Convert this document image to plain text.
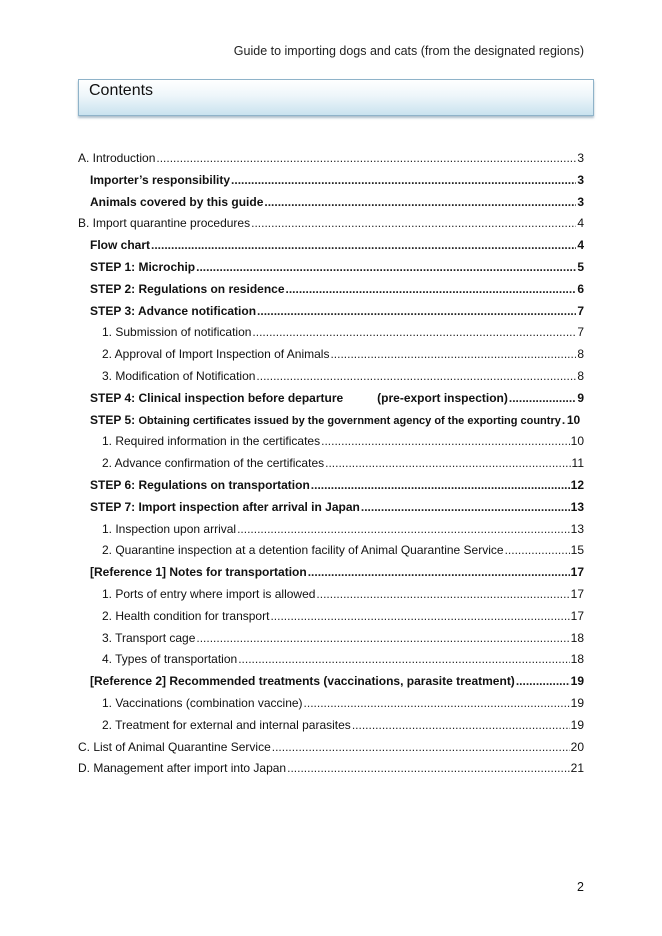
Guide to importing dogs and cats (from the designated regions)
Contents
A. Introduction .....	3
Importer’s responsibility .....	3
Animals covered by this guide .....	3
B. Import quarantine procedures .....	4
Flow chart .....	4
STEP 1: Microchip .....	5
STEP 2: Regulations on residence .....	6
STEP 3: Advance notification .....	7
1. Submission of notification .....	7
2. Approval of Import Inspection of Animals .....	8
3. Modification of Notification .....	8
STEP 4: Clinical inspection before departure	(pre-export inspection) .....	9
STEP 5: Obtaining certificates issued by the government agency of the exporting country ..... 10
1. Required information in the certificates .....	10
2. Advance confirmation of the certificates .....	11
STEP 6: Regulations on transportation .....	12
STEP 7: Import inspection after arrival in Japan .....	13
1. Inspection upon arrival .....	13
2. Quarantine inspection at a detention facility of Animal Quarantine Service .....	15
[Reference 1] Notes for transportation .....	17
1. Ports of entry where import is allowed .....	17
2. Health condition for transport .....	17
3. Transport cage .....	18
4. Types of transportation .....	18
[Reference 2] Recommended treatments (vaccinations, parasite treatment) .....	19
1. Vaccinations (combination vaccine) .....	19
2. Treatment for external and internal parasites .....	19
C. List of Animal Quarantine Service .....	20
D. Management after import into Japan .....	21
2
